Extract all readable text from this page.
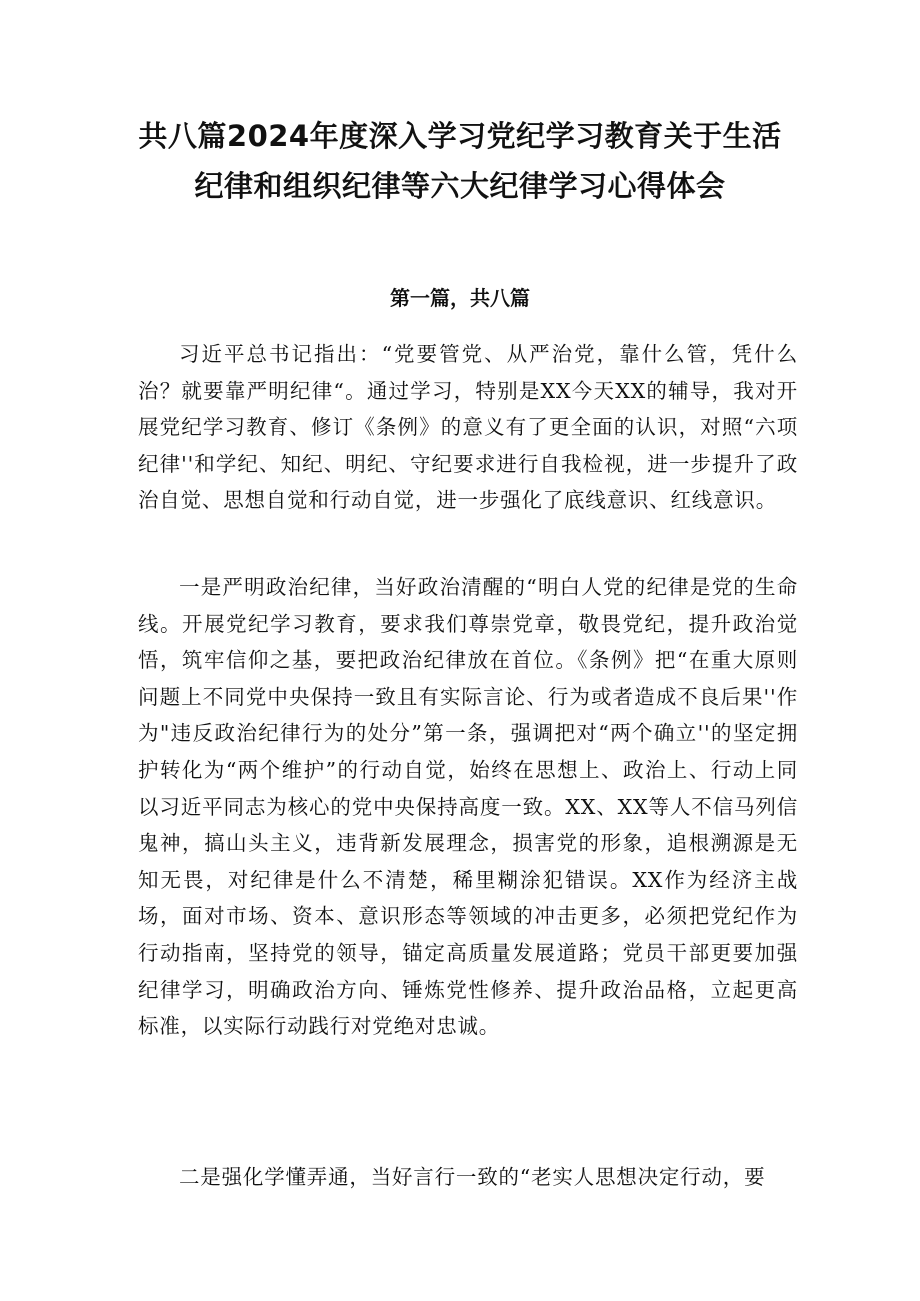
共八篇2024年度深入学习党纪学习教育关于生活
纪律和组织纪律等六大纪律学习心得体会
第一篇，共八篇

习近平总书记指出：“党要管党、从严治党，靠什么管，凭什么治？就要靠严明纪律“。通过学习，特别是XX今天XX的辅导，我对开展党纪学习教育、修订《条例》的意义有了更全面的认识，对照“六项纪律''和学纪、知纪、明纪、守纪要求进行自我检视，进一步提升了政治自觉、思想自觉和行动自觉，进一步强化了底线意识、红线意识。

一是严明政治纪律，当好政治清醒的“明白人党的纪律是党的生命线。开展党纪学习教育，要求我们尊崇党章，敬畏党纪，提升政治觉悟，筑牢信仰之基，要把政治纪律放在首位。《条例》把“在重大原则问题上不同党中央保持一致且有实际言论、行为或者造成不良后果''作为"违反政治纪律行为的处分”第一条，强调把对“两个确立''的坚定拥护转化为“两个维护”的行动自觉，始终在思想上、政治上、行动上同以习近平同志为核心的党中央保持高度一致。XX、XX等人不信马列信鬼神，搞山头主义，违背新发展理念，损害党的形象，追根溯源是无知无畏，对纪律是什么不清楚，稀里糊涂犯错误。XX作为经济主战场，面对市场、资本、意识形态等领域的冲击更多，必须把党纪作为行动指南，坚持党的领导，锚定高质量发展道路；党员干部更要加强纪律学习，明确政治方向、锤炼党性修养、提升政治品格，立起更高标准，以实际行动践行对党绝对忠诚。

二是强化学懂弄通，当好言行一致的“老实人思想决定行动，要
